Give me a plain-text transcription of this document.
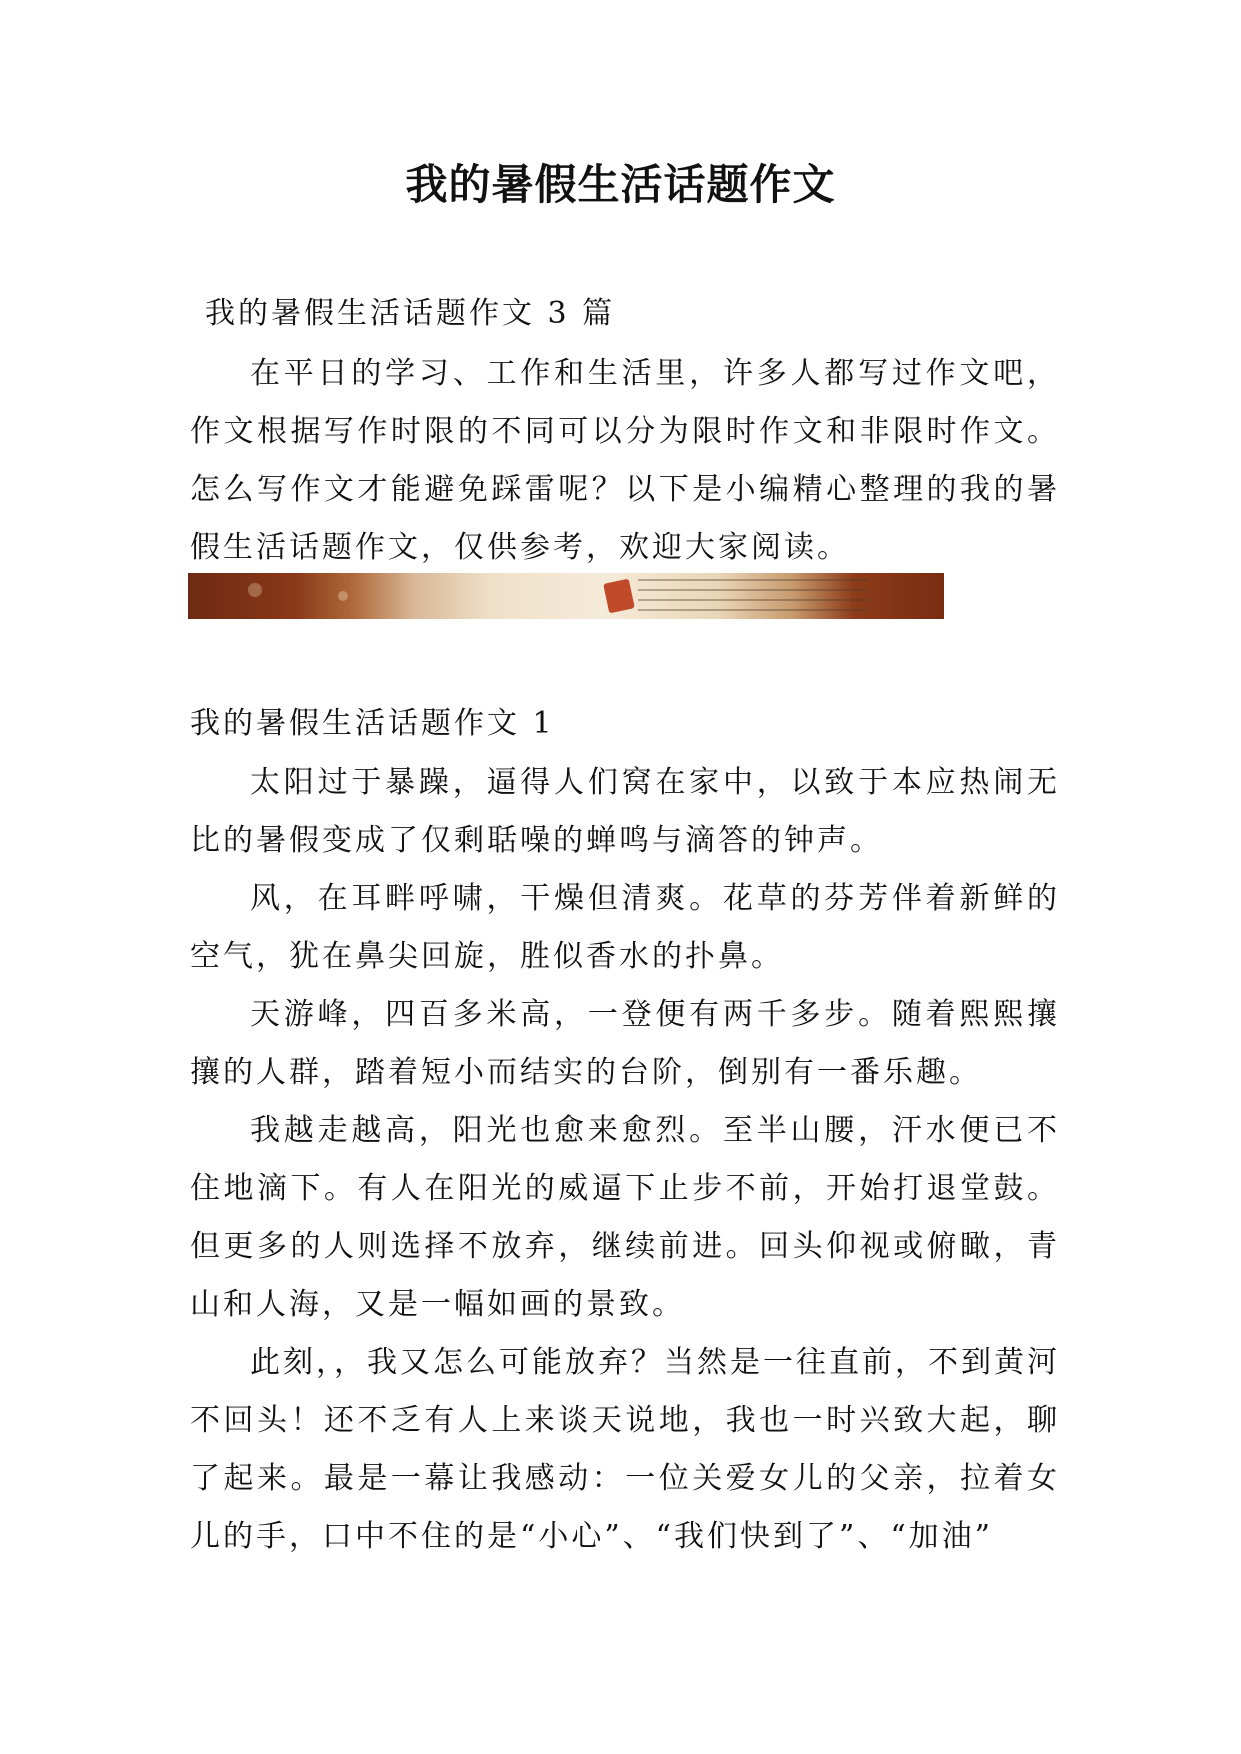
我的暑假生活话题作文
我的暑假生活话题作文 3 篇

在平日的学习、工作和生活里，许多人都写过作文吧，作文根据写作时限的不同可以分为限时作文和非限时作文。怎么写作文才能避免踩雷呢？以下是小编精心整理的我的暑假生活话题作文，仅供参考，欢迎大家阅读。

我的暑假生活话题作文 1

太阳过于暴躁，逼得人们窝在家中，以致于本应热闹无比的暑假变成了仅剩聒噪的蝉鸣与滴答的钟声。

风，在耳畔呼啸，干燥但清爽。花草的芬芳伴着新鲜的空气，犹在鼻尖回旋，胜似香水的扑鼻。

天游峰，四百多米高，一登便有两千多步。随着熙熙攘攘的人群，踏着短小而结实的台阶，倒别有一番乐趣。

我越走越高，阳光也愈来愈烈。至半山腰，汗水便已不住地滴下。有人在阳光的威逼下止步不前，开始打退堂鼓。但更多的人则选择不放弃，继续前进。回头仰视或俯瞰，青山和人海，又是一幅如画的景致。

此刻，，我又怎么可能放弃？当然是一往直前，不到黄河不回头！还不乏有人上来谈天说地，我也一时兴致大起，聊了起来。最是一幕让我感动：一位关爱女儿的父亲，拉着女儿的手，口中不住的是“小心”、“我们快到了”、“加油”
